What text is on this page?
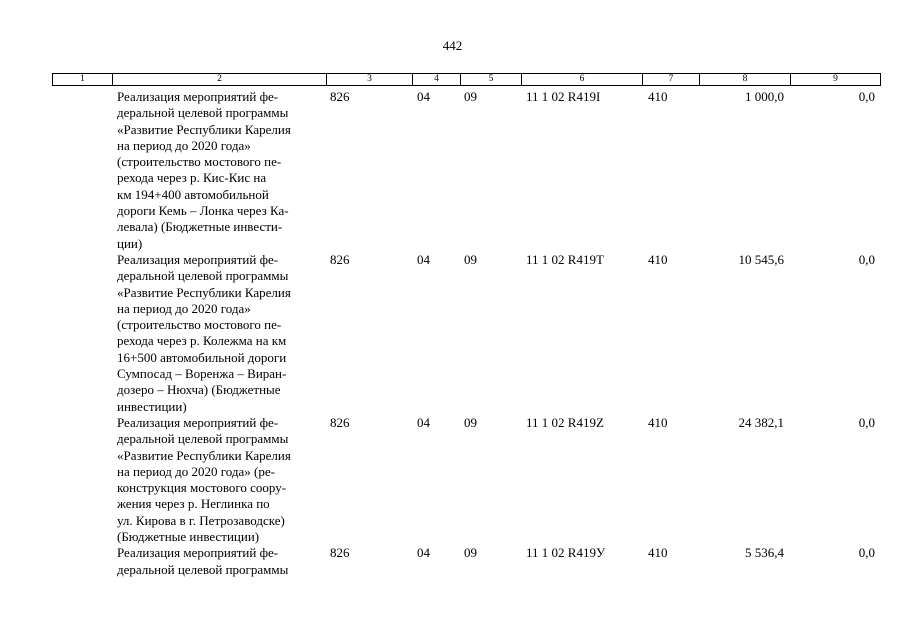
442
1	2	3	4	5	6	7	8	9
Реализация мероприятий фе-
деральной целевой программы
«Развитие Республики Карелия
на период до 2020 года»
(строительство мостового пе-
рехода через р. Кис-Кис на
км 194+400 автомобильной
дороги Кемь – Лонка через Ка-
левала) (Бюджетные инвести-
ции)
826	04	09	11 1 02 R419I	410	1 000,0	0,0
Реализация мероприятий фе-
деральной целевой программы
«Развитие Республики Карелия
на период до 2020 года»
(строительство мостового пе-
рехода через р. Колежма на км
16+500 автомобильной дороги
Сумпосад – Воренжа – Виран-
дозеро – Нюхча) (Бюджетные
инвестиции)
826	04	09	11 1 02 R419T	410	10 545,6	0,0
Реализация мероприятий фе-
деральной целевой программы
«Развитие Республики Карелия
на период до 2020 года» (ре-
конструкция мостового соору-
жения через р. Неглинка по
ул. Кирова в г. Петрозаводске)
(Бюджетные инвестиции)
826	04	09	11 1 02 R419Z	410	24 382,1	0,0
Реализация мероприятий фе-
деральной целевой программы
826	04	09	11 1 02 R419У	410	5 536,4	0,0
